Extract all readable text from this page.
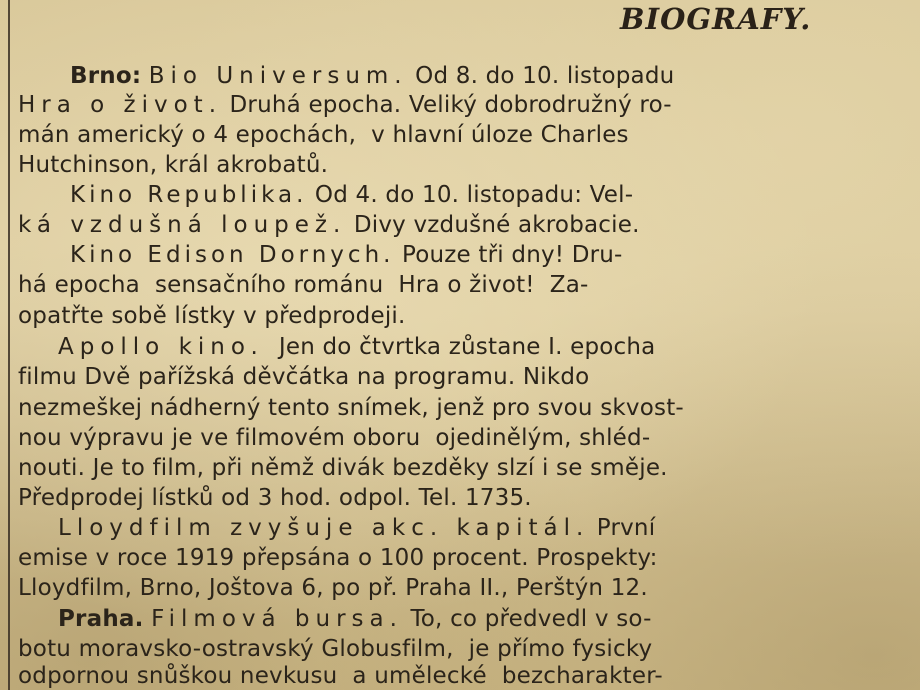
BIOGRAFY.

Brno: Bio Universum. Od 8. do 10. listopadu

Hra o život. Druhá epocha. Veliký dobrodružný ro-

mán americký o 4 epochách,  v hlavní úloze Charles

Hutchinson, král akrobatů.

Kino Republika. Od 4. do 10. listopadu: Vel-

ká vzdušná loupež. Divy vzdušné akrobacie.

Kino Edison Dornych. Pouze tři dny! Dru-

há epocha  sensačního románu  Hra o život!  Za-

opatřte sobě lístky v předprodeji.

Apollo kino.  Jen do čtvrtka zůstane I. epocha

filmu Dvě pařížská děvčátka na programu. Nikdo

nezmeškej nádherný tento snímek, jenž pro svou skvost-

nou výpravu je ve filmovém oboru  ojedinělým, shléd-

nouti. Je to film, při němž divák bezděky slzí i se směje.

Předprodej lístků od 3 hod. odpol. Tel. 1735.

Lloydfilm zvyšuje akc. kapitál. První

emise v roce 1919 přepsána o 100 procent. Prospekty:

Lloydfilm, Brno, Joštova 6, po př. Praha II., Perštýn 12.

Praha. Filmová bursa. To, co předvedl v so-

botu moravsko-ostravský Globusfilm,  je přímo fysicky

odpornou snůškou nevkusu  a umělecké  bezcharakter-
